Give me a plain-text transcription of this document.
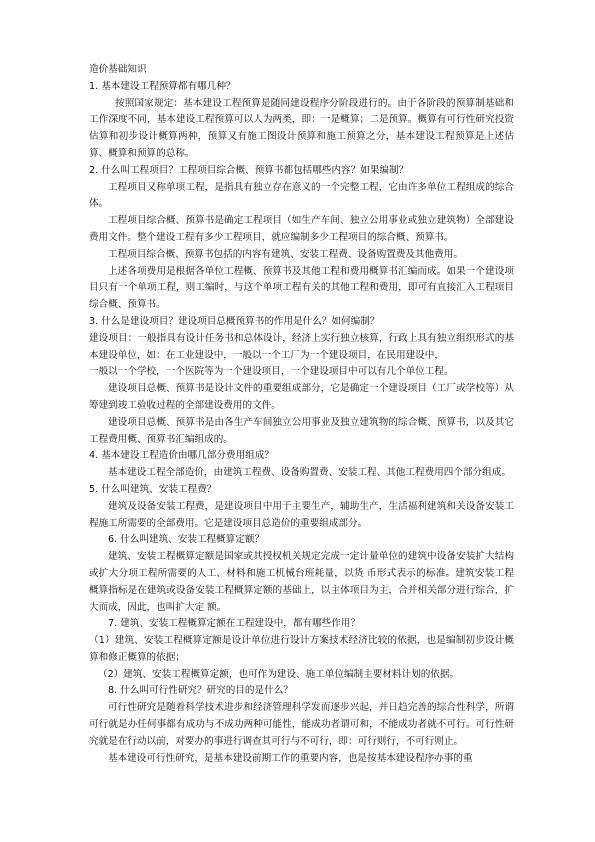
造价基础知识

1. 基本建设工程预算都有哪几种？

按照国家规定：基本建设工程预算是随同建设程序分阶段进行的。由于各阶段的预算制基础和工作深度不同，基本建设工程预算可以人为两类，即：一是概算；二是预算。概算有可行性研究投资估算和初步设计概算两种，预算又有施工图设计预算和施工预算之分，基本建设工程预算是上述估算、概算和预算的总称。

2. 什么叫工程项目？工程项目综合概、预算书都包括哪些内容？如果编制？

工程项目又称单项工程，是指具有独立存在意义的一个完整工程，它由许多单位工程组成的综合体。

工程项目综合概、预算书是确定工程项目（如生产车间、独立公用事业或独立建筑物）全部建设费用文件。整个建设工程有多少工程项目，就应编制多少工程项目的综合概、预算书。

工程项目综合概、预算书包括的内容有建筑、安装工程费、设备购置费及其他费用。

上述各项费用是根据各单位工程概、预算书及其他工程和费用概算书汇编而成。如果一个建设项目只有一个单项工程，则工编时，与这个单项工程有关的其他工程和费用，即可有直接汇入工程项目综合概、预算书。

3. 什么是建设项目？建设项目总概预算书的作用是什么？如何编制？

建设项目：一般指具有设计任务书和总体设计，经济上实行独立核算，行政上具有独立组织形式的基本建设单位，如：在工业建设中，一般以一个工厂为一个建设项目，在民用建设中，

一般以一个学校，一个医院等为一个建设项目，一个建设项目中可以有几个单位工程。

建设项目总概、预算书是设计文件的重要组成部分，它是确定一个建设项目（工厂或学校等）从筹建到竣工验收过程的全部建设费用的文件。

建设项目总概、预算书是由各生产车间独立公用事业及独立建筑物的综合概、预算书，以及其它工程费用概、预算书汇编组成的。

4. 基本建设工程造价由哪几部分费用组成？

基本建设工程全部造价，由建筑工程费、设备购置费、安装工程、其他工程费用四个部分组成。

5. 什么叫建筑、安装工程费？

建筑及设备安装工程费，是建设项目中用于主要生产，辅助生产，生活福利建筑和关设备安装工程施工所需要的全部费用。它是建设项目总造价的重要组成部分。

6. 什么叫建筑、安装工程概算定额？

建筑、安装工程概算定额是国家或其授权机关规定完成一定计量单位的建筑中设备安装扩大结构或扩大分项工程所需要的人工、材料和施工机械台班耗量，以货 币形式表示的标准。建筑安装工程概算指标是在建筑或设备安装工程概算定额的基础上，以主体项目为主，合并相关部分进行综合，扩大而成，因此，也叫扩大定 额。

7. 建筑、安装工程概算定额在工程建设中，都有哪些作用？

（1）建筑、安装工程概算定额是设计单位进行设计方案技术经济比较的依据，也是编制初步设计概算和修正概算的依据；

（2）建筑、安装工程概算定额，也可作为建设、施工单位编制主要材料计划的依据。

8. 什么叫可行性研究？研究的目的是什么？

可行性研究是随着科学技术进步和经济管理科学发而逐步兴起，并日趋完善的综合性科学，所谓可行就是办任何事都有成功与不成功两种可能性，能成功者谓可和，不能成功者就不可行。可行性研究就是在行动以前，对要办的事进行调查其可行与不可行，即：可行则行，不可行则止。

基本建设可行性研究，是基本建设前期工作的重要内容，也是按基本建设程序办事的重
